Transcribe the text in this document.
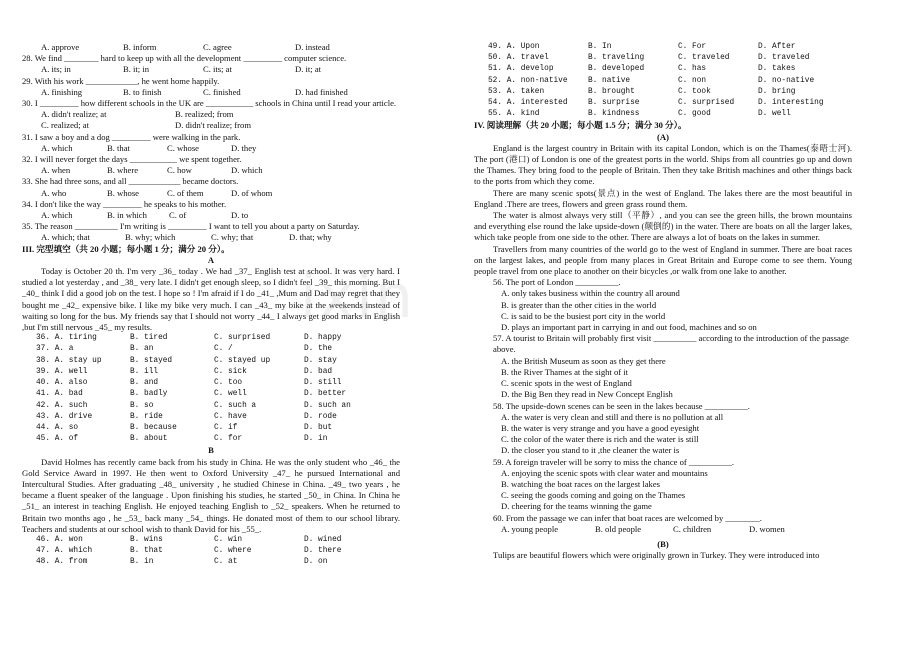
A. approve	B. inform	C. agree	D. instead
28. We find ________ hard to keep up with all the development _________ computer science.
A. its; in	B. it; in	C. its; at	D. it; at
29. With his work ____________, he went home happily.
A. finishing	B. to finish	C. finished	D. had finished
30. I _________ how different schools in the UK are ___________ schools in China until I read your article.
A. didn't realize; at	B. realized; from
C. realized; at	D. didn't realize; from
31. I saw a boy and a dog _________ were walking in the park.
A. which	B. that	C. whose	D. they
32. I will never forget the days ___________ we spent together.
A. when	B. where	C. how	D. which
33. She had three sons, and all ____________ became doctors.
A. who	B. whose	C. of them	D. of whom
34. I don't like the way _________ he speaks to his mother.
A. which	B. in which	C. of	D. to
35. The reason __________ I'm writing is _________ I want to tell you about a party on Saturday.
A. which; that	B. why; which	C. why; that	D. that; why
III. 完型填空（共 20 小题；每小题 1 分；满分 20 分）。
A
Today is October 20 th. I'm very _36_ today . We had _37_ English test at school. It was very hard. I studied a lot yesterday , and _38_ very late. I didn't get enough sleep, so I didn't feel _39_ this morning. But I _40_ think I did a good job on the test. I hope so ! I'm afraid if I do _41_ ,Mum and Dad may regret that they bought me _42_ expensive bike. I like my bike very much. I can _43_ my bike at the weekends instead of waiting so long for the bus. My friends say that I should not worry _44_ I always get good marks in English ,but I'm still nervous _45_ my results.
36. A. tiring	B. tired	C. surprised	D. happy
37. A. a	B. an	C. /	D. the
38. A. stay up	B. stayed	C. stayed up	D. stay
39. A. well	B. ill	C. sick	D. bad
40. A. also	B. and	C. too	D. still
41. A. bad	B. badly	C. well	D. better
42. A. such	B. so	C. such a	D. such an
43. A. drive	B. ride	C. have	D. rode
44. A. so	B. because	C. if	D. but
45. A. of	B. about	C. for	D. in
B
David Holmes has recently came back from his study in China. He was the only student who _46_ the Gold Service Award in 1997. He then went to Oxford University _47_ he pursued International and Intercultural Studies. After graduating _48_ university , he studied Chinese in China. _49_ two years , he became a fluent speaker of the language . Upon finishing his studies, he started _50_ in China. In China he _51_ an interest in teaching English. He enjoyed teaching English to _52_ speakers. When he returned to Britain two months ago , he _53_ back many _54_ things. He donated most of them to our school library. Teachers and students at our school wish to thank David for his _55_.
46. A. won	B. wins	C. win	D. wined
47. A. which	B. that	C. where	D. there
48. A. from	B. in	C. at	D. on
49. A. Upon	B. In	C. For	D. After
50. A. travel	B. traveling	C. traveled	D. traveled
51. A. develop	B. developed	C. has	D. takes
52. A. non-native	B. native	C. non	D. no-native
53. A. taken	B. brought	C. took	D. bring
54. A. interested	B. surprise	C. surprised	D. interesting
55. A. kind	B. kindness	C. good	D. well
IV. 阅读理解（共 20 小题；每小题 1.5 分；满分 30 分）。
(A)
England is the largest country in Britain with its capital London, which is on the Thames(泰晤士河). The port (港口) of London is one of the greatest ports in the world. Ships from all countries go up and down the Thames. They bring food to the people of Britain. Then they take British machines and other things back to the ports from which they come.
There are many scenic spots(景点) in the west of England. The lakes there are the most beautiful in England .There are trees, flowers and green grass round them.
The water is almost always very still（平静）, and you can see the green hills, the brown mountains and everything else round the lake upside-down (颠倒的) in the water. There are boats on all the larger lakes, which take people from one side to the other. There are always a lot of boats on the lakes in summer.
Travellers from many countries of the world go to the west of England in summer. There are boat races on the largest lakes, and people from many places in Great Britain and Europe come to see them. Young people travel from one place to another on their bicycles ,or walk from one lake to another.
56. The port of London __________.
A. only takes business within the country all around
B. is greater than the other cities in the world
C. is said to be the busiest port city in the world
D. plays an important part in carrying in and out food, machines and so on
57. A tourist to Britain will probably first visit __________ according to the introduction of the passage above.
A. the British Museum as soon as they get there
B. the River Thames at the sight of it
C. scenic spots in the west of England
D. the Big Ben they read in New Concept English
58. The upside-down scenes can be seen in the lakes because __________.
A. the water is very clean and still and there is no pollution at all
B. the water is very strange and you have a good eyesight
C. the color of the water there is rich and the water is still
D. the closer you stand to it ,the cleaner the water is
59. A foreign traveler will be sorry to miss the chance of __________.
A. enjoying the scenic spots with clear water and mountains
B. watching the boat races on the largest lakes
C. seeing the goods coming and going on the Thames
D. cheering for the teams winning the game
60. From the passage we can infer that boat races are welcomed by ________.
A. young people	B. old people	C. children	D. women
(B)
Tulips are beautiful flowers which were originally grown in Turkey. They were introduced into
ixin
